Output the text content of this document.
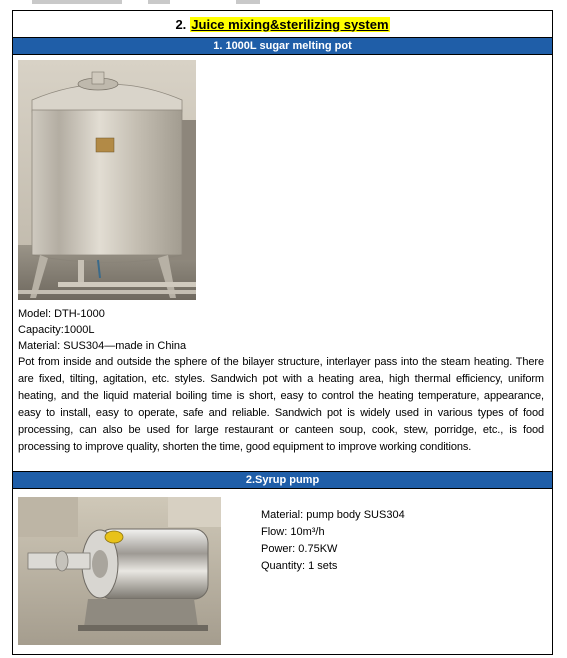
2. Juice mixing&sterilizing system
1. 1000L sugar melting pot
Model: DTH-1000
Capacity:1000L
Material: SUS304—made in China
Pot from inside and outside the sphere of the bilayer structure, interlayer pass into the steam heating. There are fixed, tilting, agitation, etc. styles. Sandwich pot with a heating area, high thermal efficiency, uniform heating, and the liquid material boiling time is short, easy to control the heating temperature, appearance, easy to install, easy to operate, safe and reliable. Sandwich pot is widely used in various types of food processing, can also be used for large restaurant or canteen soup, cook, stew, porridge, etc., is food processing to improve quality, shorten the time, good equipment to improve working conditions.
2.Syrup pump
Material: pump body SUS304
Flow: 10m³/h
Power: 0.75KW
Quantity: 1 sets
